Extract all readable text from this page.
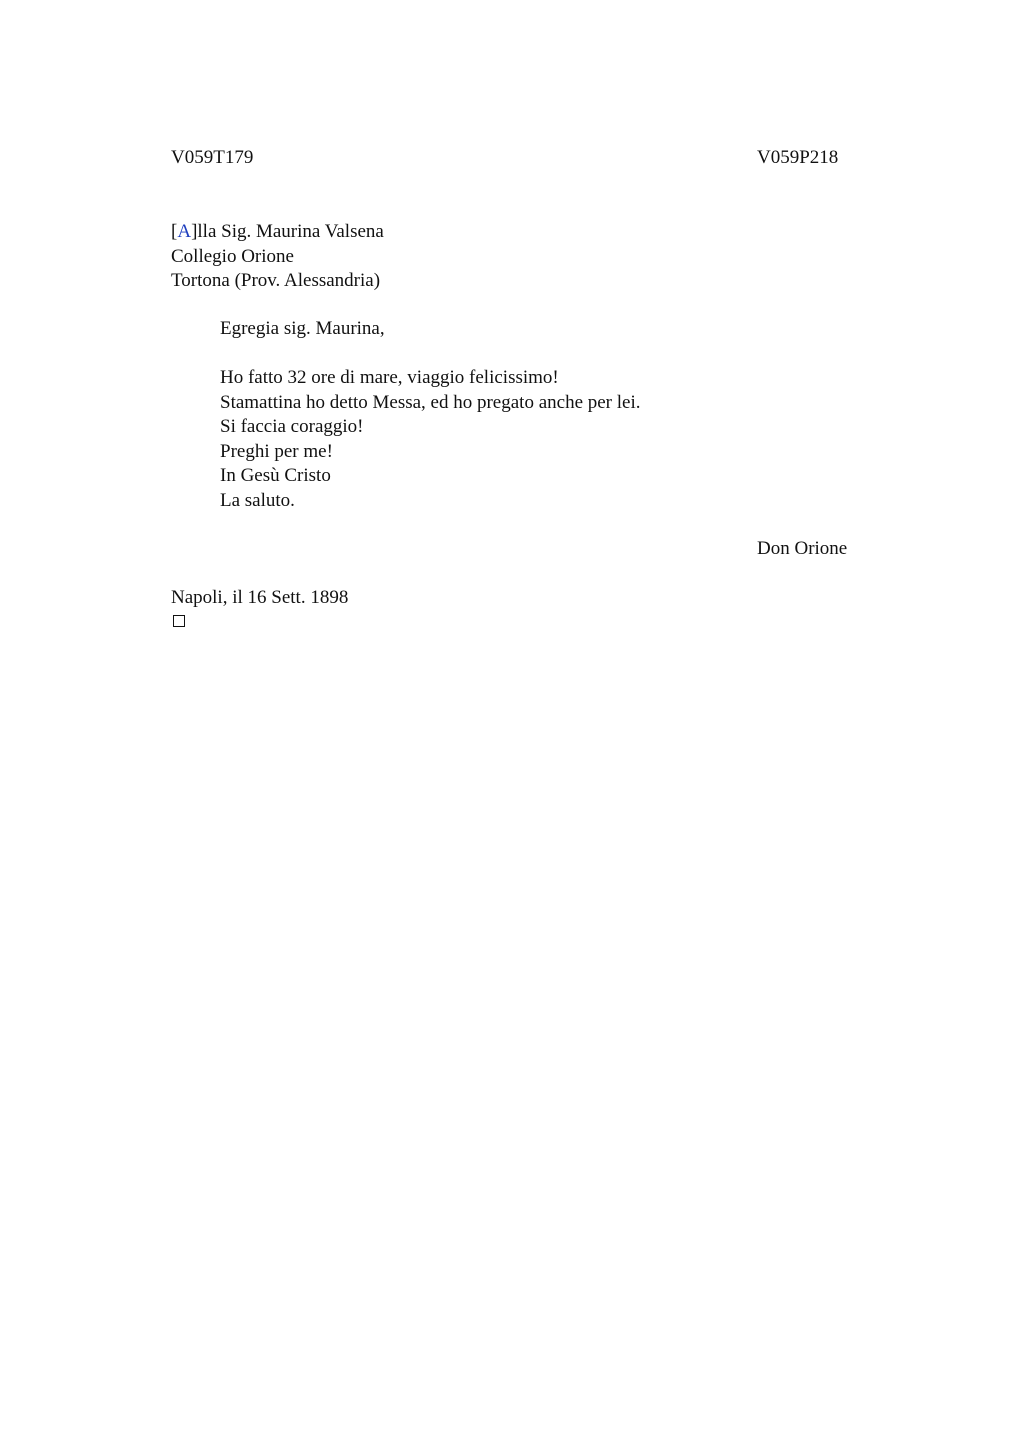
V059T179	V059P218
[A]lla Sig. Maurina Valsena
Collegio Orione
Tortona (Prov. Alessandria)
Egregia sig. Maurina,
Ho fatto 32 ore di mare, viaggio felicissimo!
Stamattina ho detto Messa, ed ho pregato anche per lei.
Si faccia coraggio!
Preghi per me!
In Gesù Cristo
La saluto.
Don Orione
Napoli, il 16 Sett. 1898
